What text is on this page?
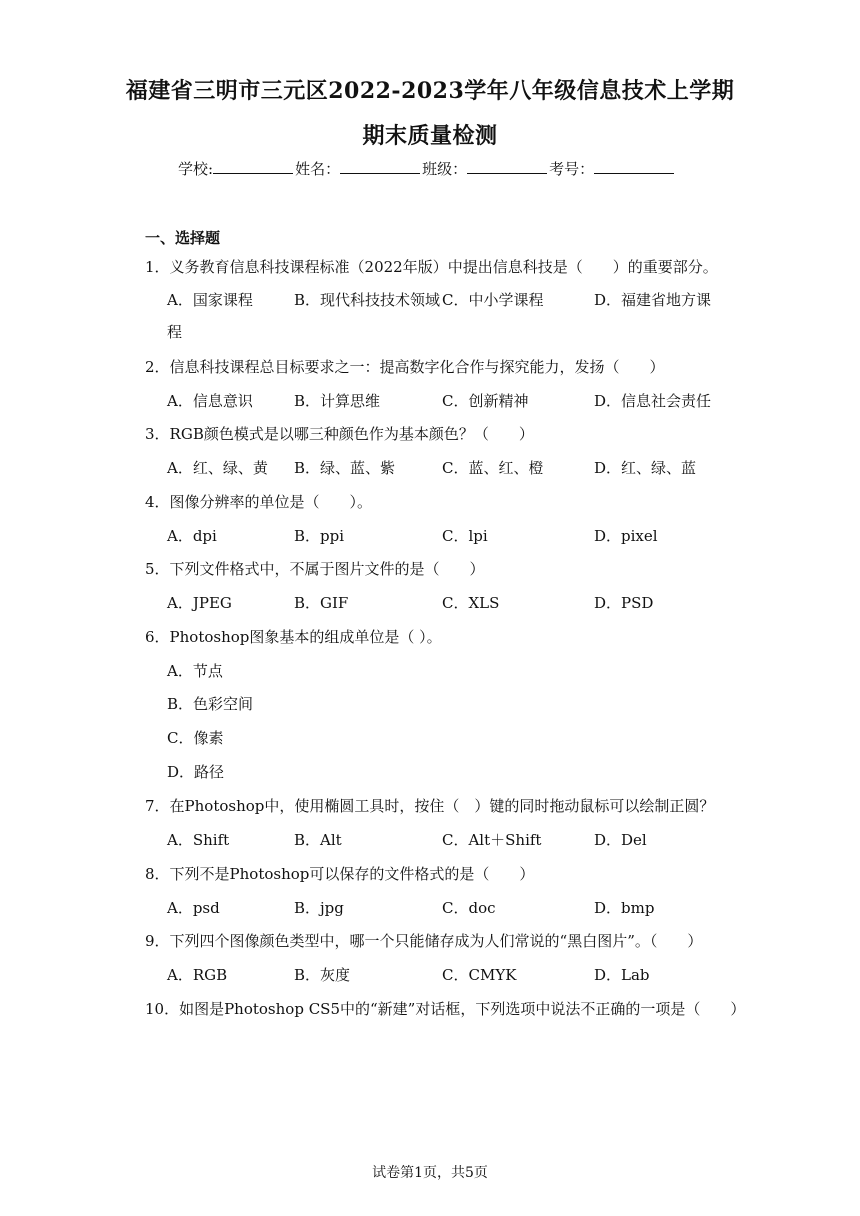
福建省三明市三元区2022-2023学年八年级信息技术上学期
期末质量检测
学校:	姓名：	班级：	考号：
一、选择题
1．义务教育信息科技课程标准（2022年版）中提出信息科技是（　　）的重要部分。
A．国家课程	B．现代科技技术领域 C．中小学课程	D．福建省地方课
程
2．信息科技课程总目标要求之一：提高数字化合作与探究能力，发扬（　　）
A．信息意识	B．计算思维	C．创新精神	D．信息社会责任
3．RGB颜色模式是以哪三种颜色作为基本颜色？（　　）
A．红、绿、黄 B．绿、蓝、紫	C．蓝、红、橙	D．红、绿、蓝
4．图像分辨率的单位是（　　）。
A．dpi	B．ppi	C．lpi	D．pixel
5．下列文件格式中，不属于图片文件的是（　　）
A．JPEG	B．GIF	C．XLS	D．PSD
6．Photoshop图象基本的组成单位是（ ）。
A．节点
B．色彩空间
C．像素
D．路径
7．在Photoshop中，使用椭圆工具时，按住（　）键的同时拖动鼠标可以绘制正圆？
A．Shift	B．Alt	C．Alt＋Shift	D．Del
8．下列不是Photoshop可以保存的文件格式的是（　　）
A．psd	B．jpg	C．doc	D．bmp
9．下列四个图像颜色类型中，哪一个只能储存成为人们常说的“黑白图片”。（　　）
A．RGB	B．灰度	C．CMYK	D．Lab
10．如图是Photoshop CS5中的“新建”对话框，下列选项中说法不正确的一项是（　　）
试卷第1页，共5页
